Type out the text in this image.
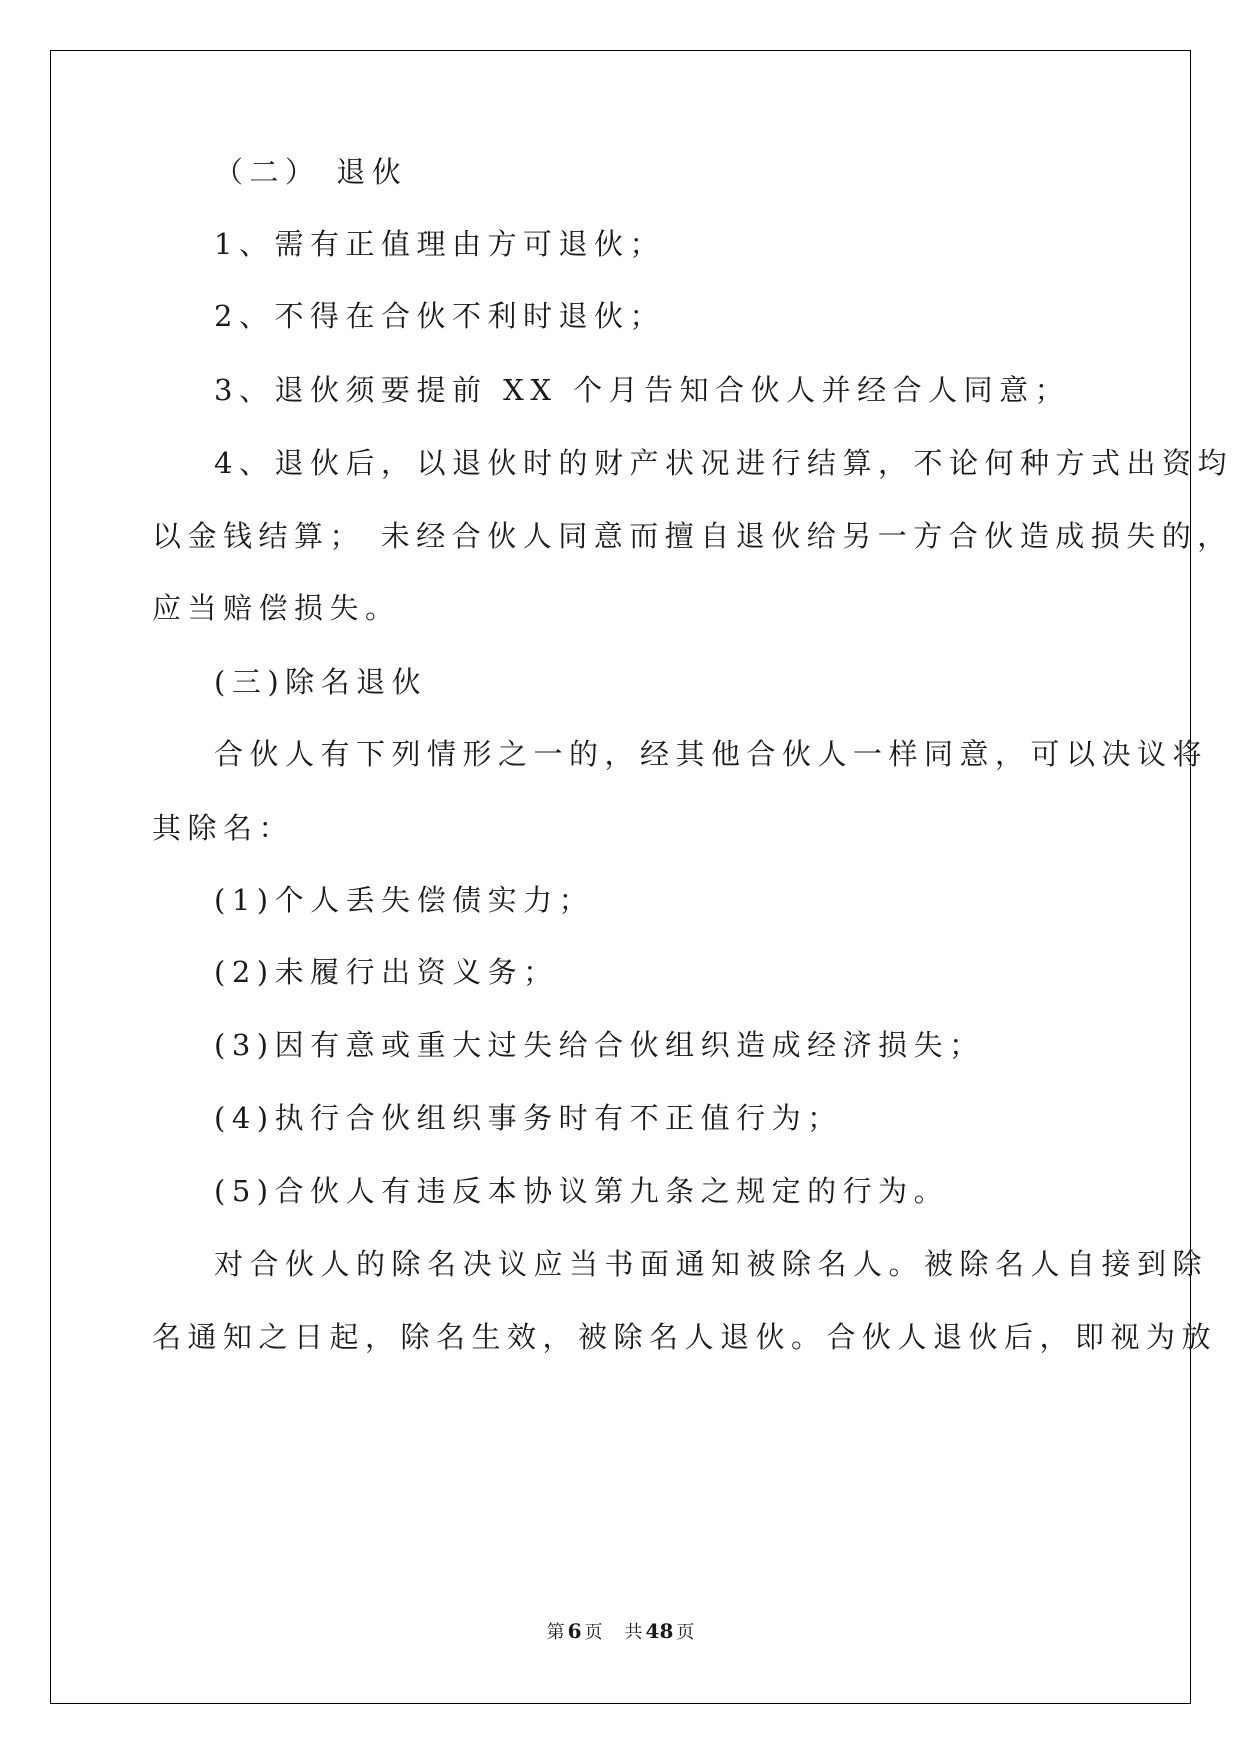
（二） 退伙
1、需有正值理由方可退伙；
2、不得在合伙不利时退伙；
3、退伙须要提前 XX 个月告知合伙人并经合人同意；
4、退伙后，以退伙时的财产状况进行结算，不论何种方式出资均
以金钱结算； 未经合伙人同意而擅自退伙给另一方合伙造成损失的，
应当赔偿损失。
(三)除名退伙
合伙人有下列情形之一的，经其他合伙人一样同意，可以决议将
其除名：
(1)个人丢失偿债实力；
(2)未履行出资义务；
(3)因有意或重大过失给合伙组织造成经济损失；
(4)执行合伙组织事务时有不正值行为；
(5)合伙人有违反本协议第九条之规定的行为。
对合伙人的除名决议应当书面通知被除名人。被除名人自接到除
名通知之日起，除名生效，被除名人退伙。合伙人退伙后，即视为放
第 6 页 共 48 页
